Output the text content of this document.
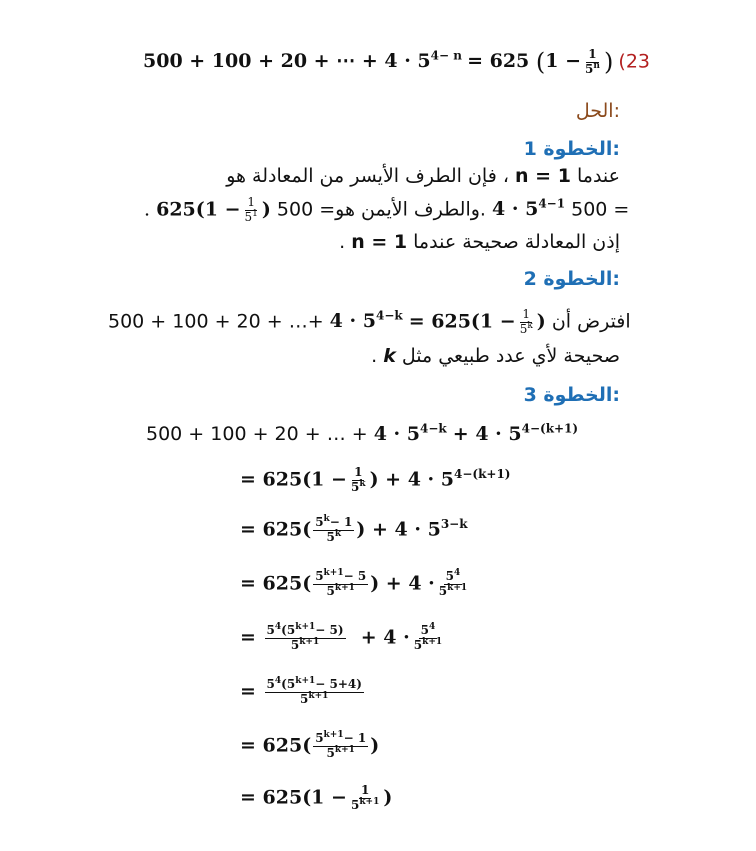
500 + 100 + 20 + ⋯ + $4 \cdot 5^{4- n} = 625$ ($1 - \frac{1}{5^n}$ ) (23
الحل:
الخطوة 1:
عندما n = 1 ، فإن الطرف الأيسر من المعادلة هو
. $625(1 - \frac{1}{5^1}$ ) 500 =.والطرف الأيمن هو $4 \cdot 5^{4-1}$ 500 =
إذن المعادلة صحيحة عندما n = 1 .
الخطوة 2:
500 + 100 + 20 + …+ $4 \cdot 5^{4-k} = 625(1 - \frac{1}{5^k}$ ) افترض أن
صحيحة لأي عدد طبيعي مثل k .
الخطوة 3:
500 + 100 + 20 + … + $4 \cdot 5^{4-k} + 4 \cdot 5^{4-(k+1)}$
= $625(1 - \frac{1}{5^k}$ ) + $4 \cdot 5^{4-(k+1)}$
= $625( \frac{5^k- 1}{5^k}$ ) + $4 \cdot 5^{3-k}$
= $625( \frac{5^{k+1}- 5}{5^{k+1}}$ ) + $4 \cdot \frac{5^4}{5^{k+1}}$
= $\frac{5^4(5^{k+1}- 5)}{5^{k+1}} + 4 \cdot \frac{5^4}{5^{k+1}}$
= $\frac{5^4(5^{k+1}- 5+4)}{5^{k+1}}$
= $625( \frac{5^{k+1}- 1}{5^{k+1}}$ )
= $625(1 - \frac{1}{5^{k+1}}$ )
